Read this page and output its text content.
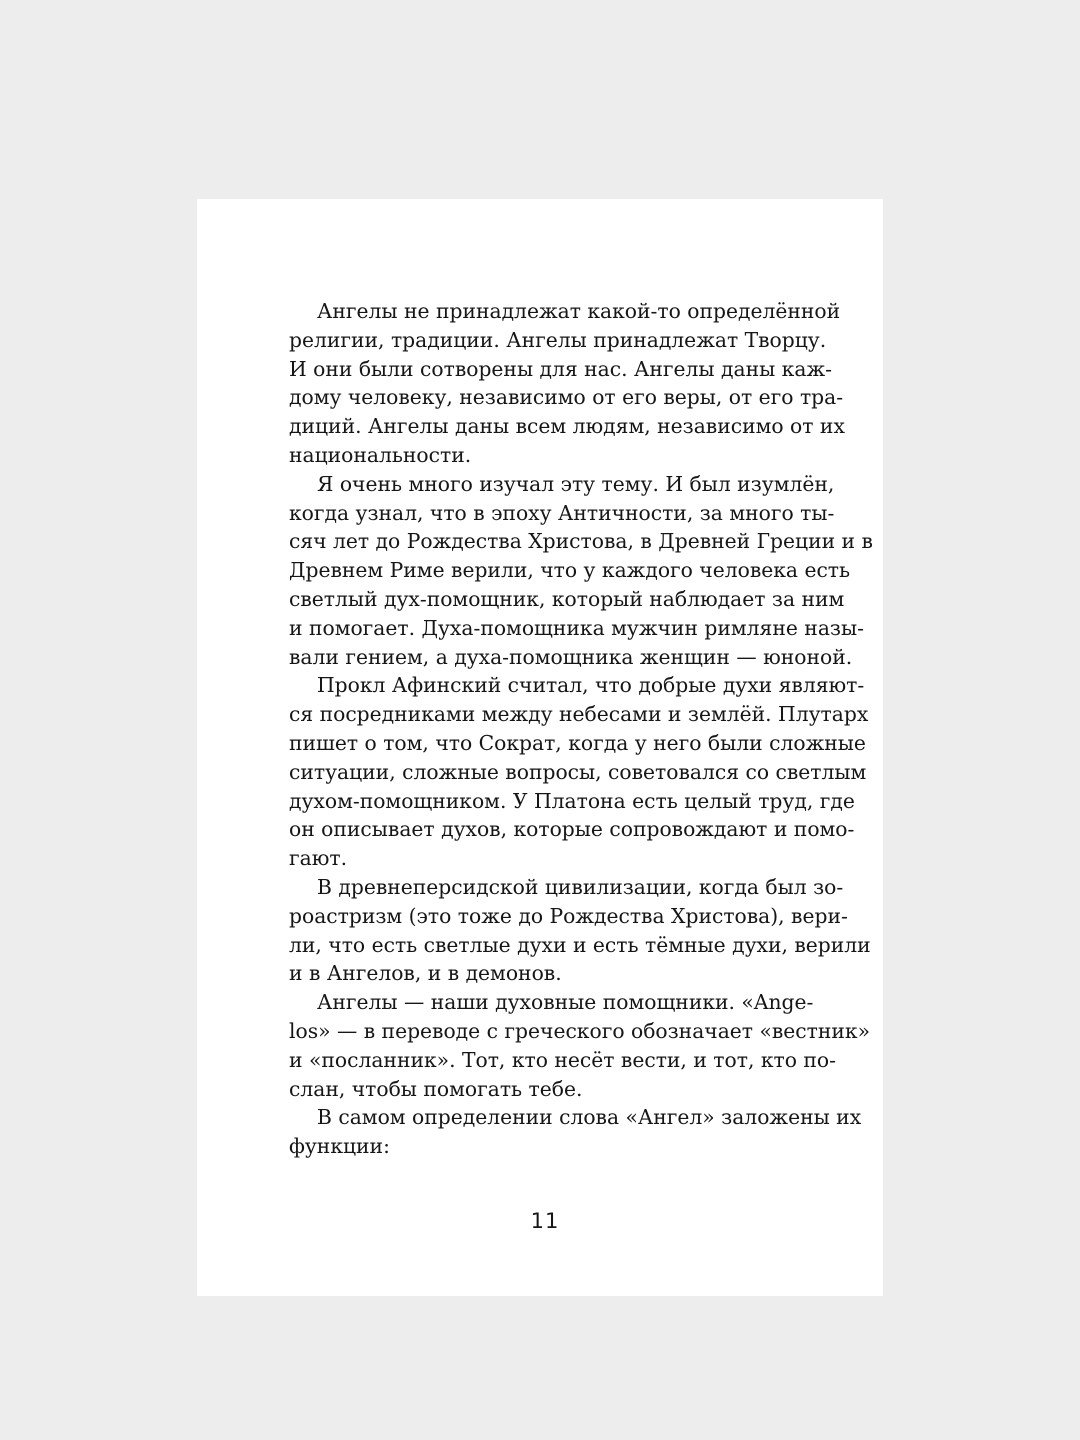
Ангелы не принадлежат какой-то определённой
религии, традиции. Ангелы принадлежат Творцу.
И они были сотворены для нас. Ангелы даны каж-
дому человеку, независимо от его веры, от его тра-
диций. Ангелы даны всем людям, независимо от их
национальности.
Я очень много изучал эту тему. И был изумлён,
когда узнал, что в эпоху Античности, за много ты-
сяч лет до Рождества Христова, в Древней Греции и в
Древнем Риме верили, что у каждого человека есть
светлый дух-помощник, который наблюдает за ним
и помогает. Духа-помощника мужчин римляне назы-
вали гением, а духа-помощника женщин — юноной.
Прокл Афинский считал, что добрые духи являют-
ся посредниками между небесами и землёй. Плутарх
пишет о том, что Сократ, когда у него были сложные
ситуации, сложные вопросы, советовался со светлым
духом-помощником. У Платона есть целый труд, где
он описывает духов, которые сопровождают и помо-
гают.
В древнеперсидской цивилизации, когда был зо-
роастризм (это тоже до Рождества Христова), вери-
ли, что есть светлые духи и есть тёмные духи, верили
и в Ангелов, и в демонов.
Ангелы — наши духовные помощники. «Ange-
los» — в переводе с греческого обозначает «вестник»
и «посланник». Тот, кто несёт вести, и тот, кто по-
слан, чтобы помогать тебе.
В самом определении слова «Ангел» заложены их
функции:
11
